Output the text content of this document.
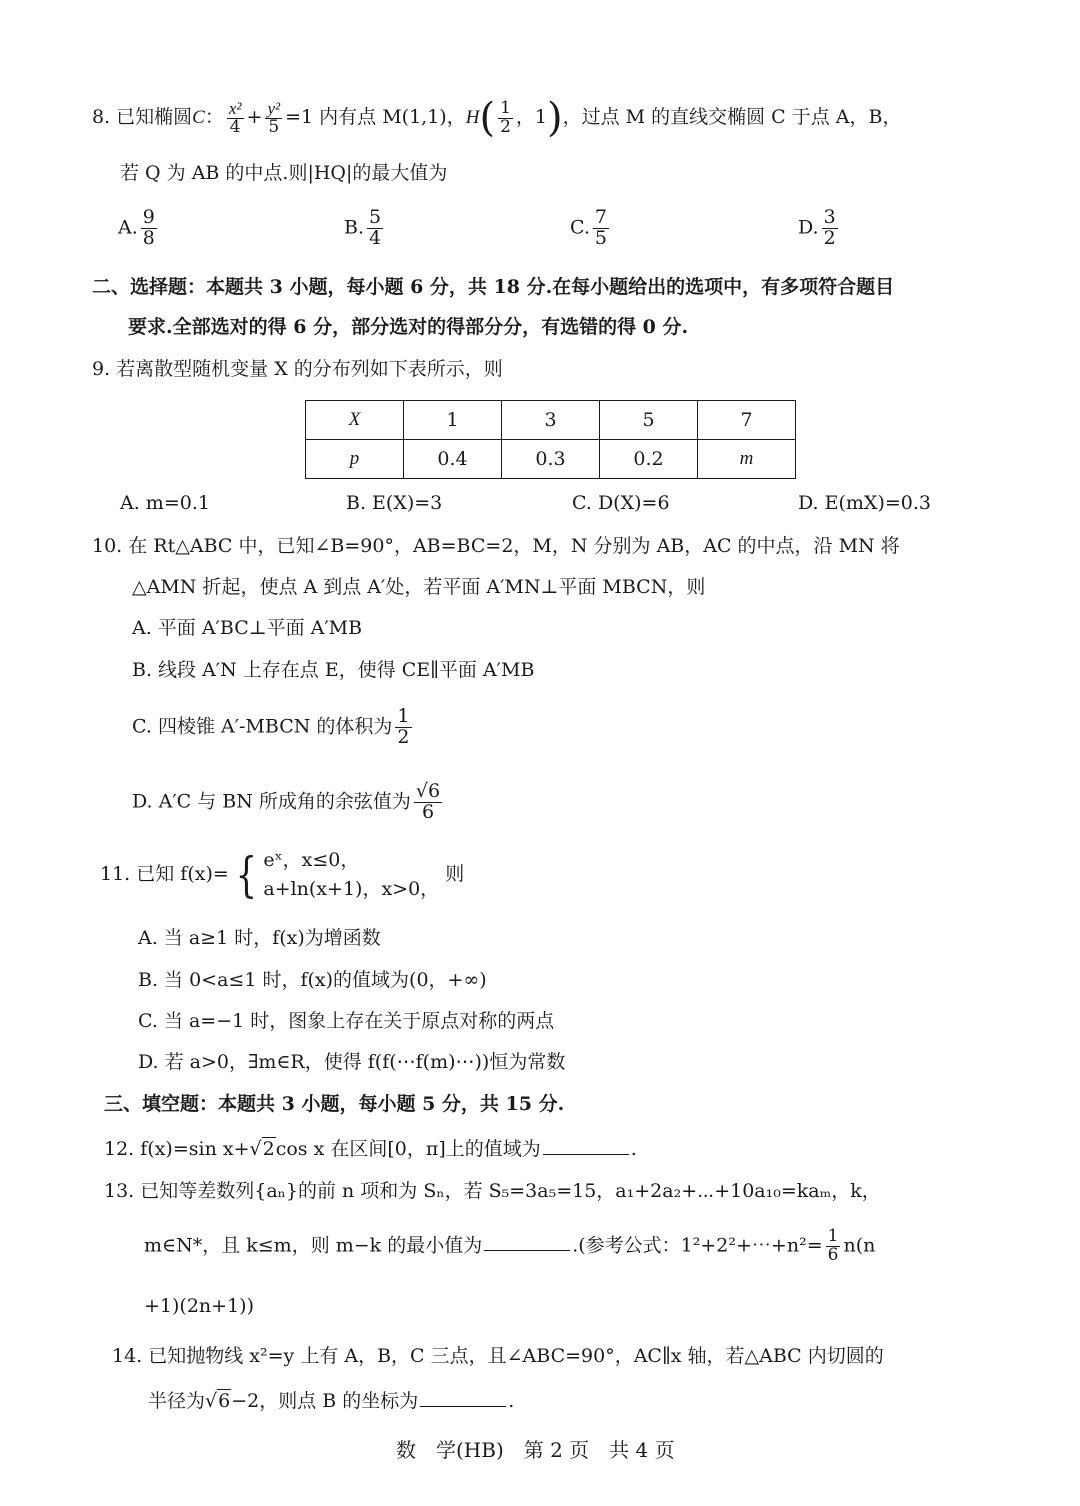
8. 已知椭圆C： $\frac{\text{x²}}{4} + \frac{\text{y²}}{5} =1$ 内有点 M(1,1)，$H( \frac{1}{2}$ ，1)，过点 M 的直线交椭圆 C 于点 A，B，
若 Q 为 AB 的中点.则|HQ|的最大值为
A. $\frac{9}{8}$	B. $\frac{5}{4}$	C. $\frac{7}{5}$	D. $\frac{3}{2}$
二、选择题：本题共 3 小题，每小题 6 分，共 18 分.在每小题给出的选项中，有多项符合题目
要求.全部选对的得 6 分，部分选对的得部分分，有选错的得 0 分.
9. 若离散型随机变量 X 的分布列如下表所示，则
X	1	3	5	7
p	0.4	0.3	0.2	m
A. m=0.1	B. E(X)=3	C. D(X)=6	D. E(mX)=0.3
10. 在 Rt△ABC 中，已知∠B=90°，AB=BC=2，M，N 分别为 AB，AC 的中点，沿 MN 将
△AMN 折起，使点 A 到点 A′处，若平面 A′MN⊥平面 MBCN，则
A. 平面 A′BC⊥平面 A′MB
B. 线段 A′N 上存在点 E，使得 CE∥平面 A′MB
C. 四棱锥 A′-MBCN 的体积为 $\frac{1}{2}$
D. A′C 与 BN 所成角的余弦值为 $\frac{√6}{6}$
11. 已知 f(x)= { eˣ，x≤0，
a+ln(x+1)，x>0， 则
A. 当 a≥1 时，f(x)为增函数
B. 当 0<a≤1 时，f(x)的值域为(0，+∞)
C. 当 a=−1 时，图象上存在关于原点对称的两点
D. 若 a>0，∃m∈R，使得 f(f(⋯f(m)⋯))恒为常数
三、填空题：本题共 3 小题，每小题 5 分，共 15 分.
12. f(x)=sin x+√2cos x 在区间[0，π]上的值域为	.
13. 已知等差数列{aₙ}的前 n 项和为 Sₙ，若 S₅=3a₅=15，a₁+2a₂+⋯+10a₁₀=kaₘ，k，
m∈N*，且 k≤m，则 m−k 的最小值为	.(参考公式：1²+2²+⋯+n²= $\frac{1}{6} n(n$
+1)(2n+1))
14. 已知抛物线 x²=y 上有 A，B，C 三点，且∠ABC=90°，AC∥x 轴，若△ABC 内切圆的
半径为√6−2，则点 B 的坐标为	.
数　学(HB)　第 2 页　共 4 页
